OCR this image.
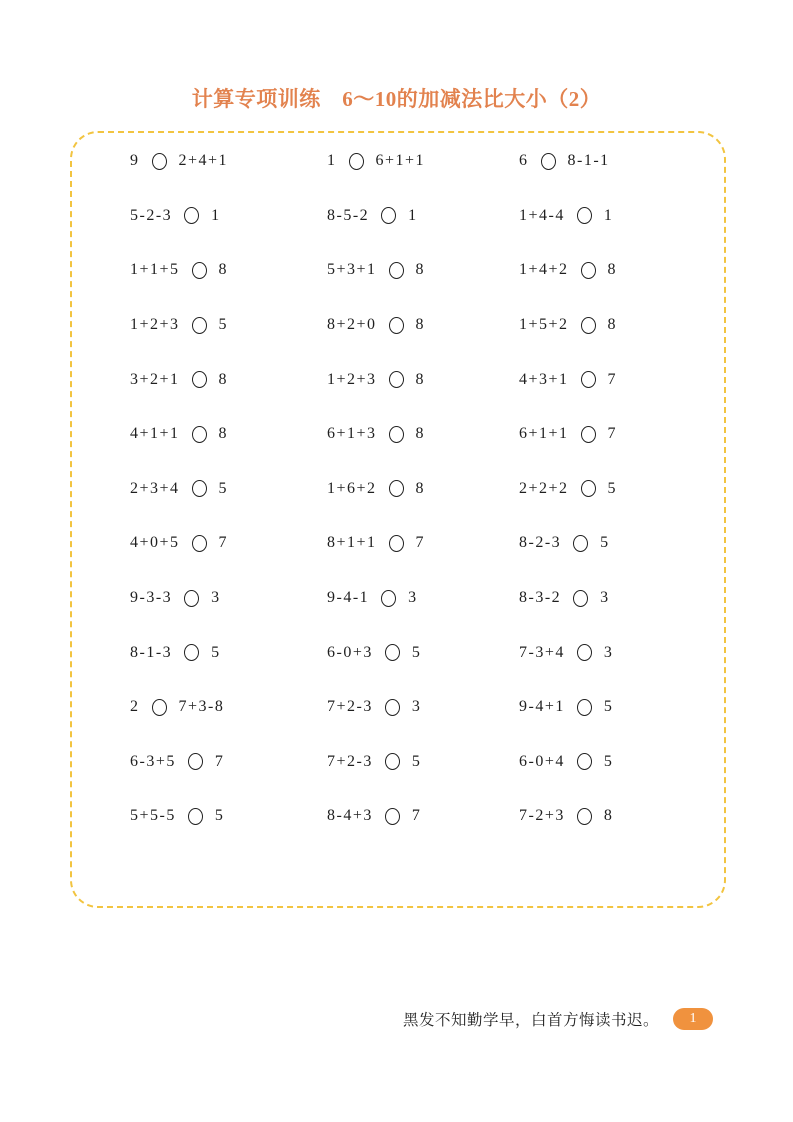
计算专项训练　6～10的加减法比大小（2）
9 2+4+1	1 6+1+1	6 8-1-1
5-2-3 1	8-5-2 1	1+4-4 1
1+1+5 8	5+3+1 8	1+4+2 8
1+2+3 5	8+2+0 8	1+5+2 8
3+2+1 8	1+2+3 8	4+3+1 7
4+1+1 8	6+1+3 8	6+1+1 7
2+3+4 5	1+6+2 8	2+2+2 5
4+0+5 7	8+1+1 7	8-2-3 5
9-3-3 3	9-4-1 3	8-3-2 3
8-1-3 5	6-0+3 5	7-3+4 3
2 7+3-8	7+2-3 3	9-4+1 5
6-3+5 7	7+2-3 5	6-0+4 5
5+5-5 5	8-4+3 7	7-2+3 8
黑发不知勤学早，白首方悔读书迟。	1
